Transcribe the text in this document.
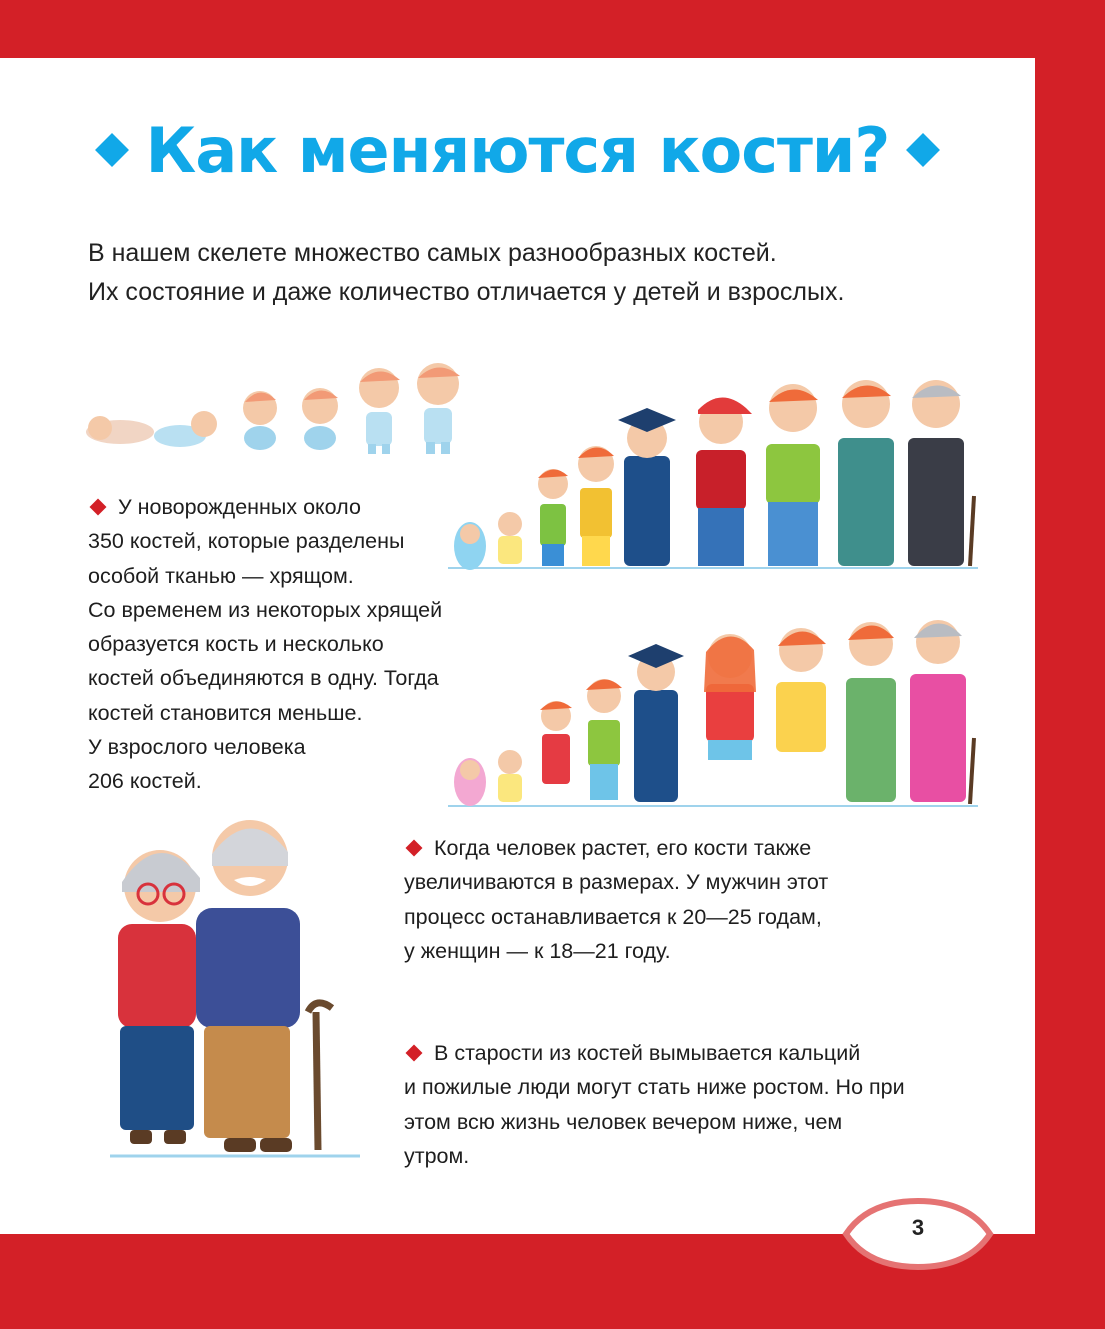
Как меняются кости?
В нашем скелете множество самых разнообразных костей.
Их состояние и даже количество отличается у детей и взрослых.
У новорожденных около
350 костей, которые разделены
особой тканью — хрящом.
Со временем из некоторых хрящей
образуется кость и несколько
костей объединяются в одну. Тогда
костей становится меньше.
У взрослого человека
206 костей.
Когда человек растет, его кости также
увеличиваются в размерах. У мужчин этот
процесс останавливается к 20—25 годам,
у женщин — к 18—21 году.
В старости из костей вымывается кальций
и пожилые люди могут стать ниже ростом. Но при
этом всю жизнь человек вечером ниже, чем
утром.
3
